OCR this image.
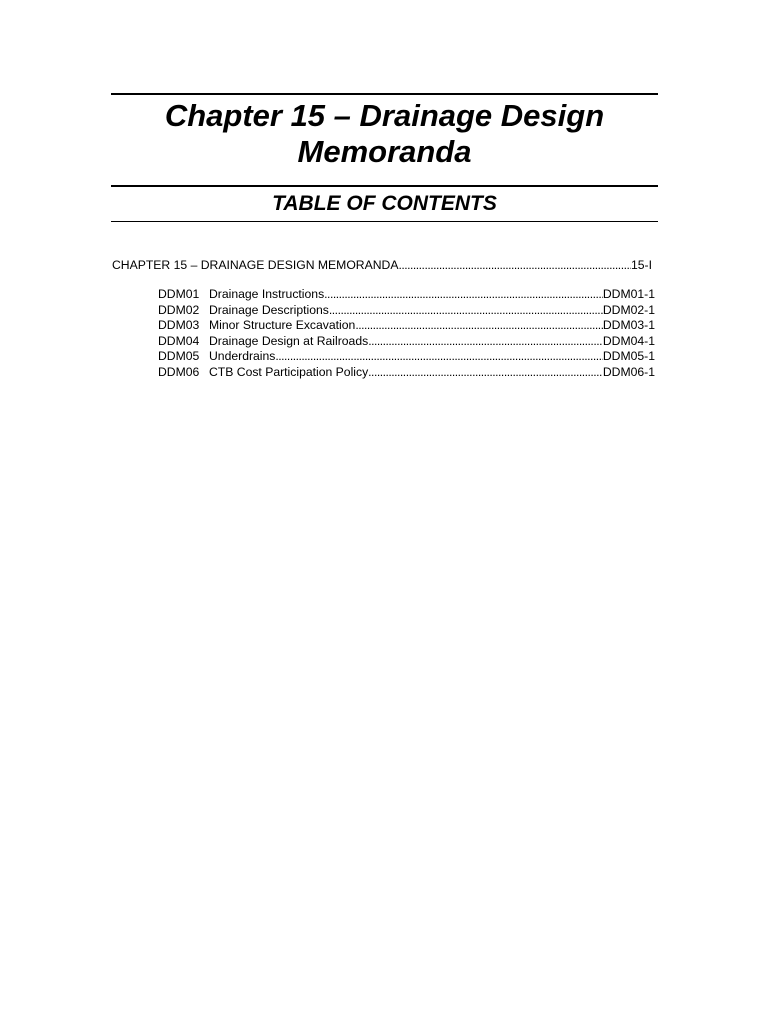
Chapter 15 – Drainage Design Memoranda
TABLE OF CONTENTS
CHAPTER 15 – DRAINAGE DESIGN MEMORANDA .....	15-I
DDM01 Drainage Instructions .....	DDM01-1
DDM02 Drainage Descriptions .....	DDM02-1
DDM03 Minor Structure Excavation .....	DDM03-1
DDM04 Drainage Design at Railroads .....	DDM04-1
DDM05 Underdrains .....	DDM05-1
DDM06 CTB Cost Participation Policy .....	DDM06-1
